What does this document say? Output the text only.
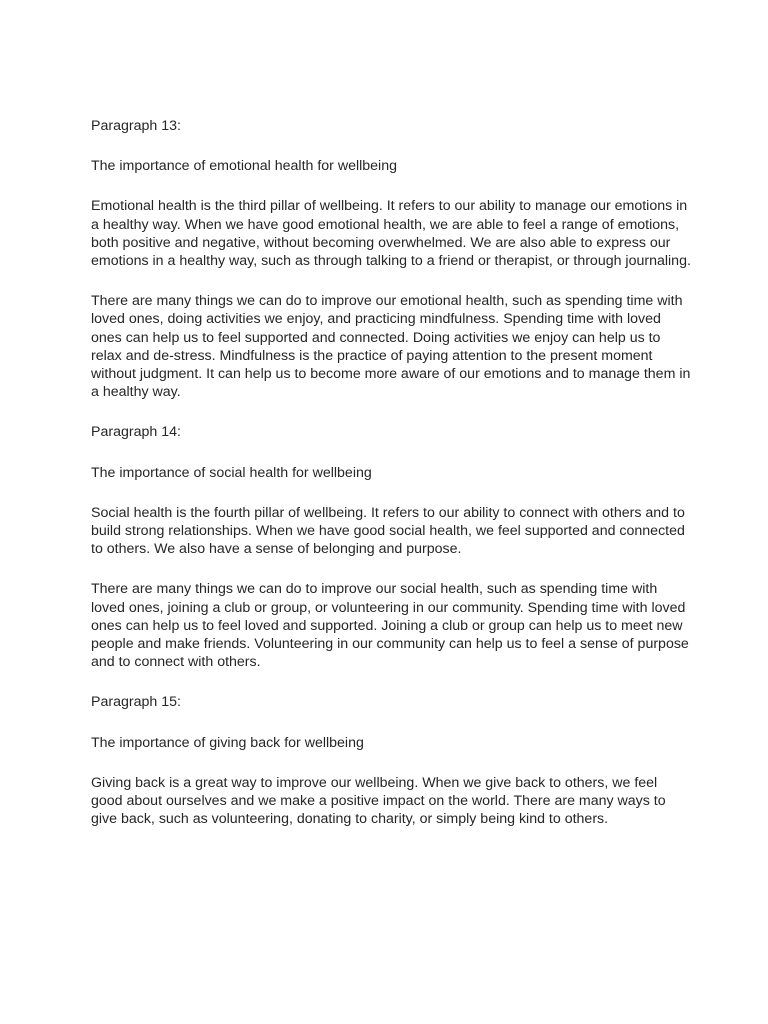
Paragraph 13:

The importance of emotional health for wellbeing

Emotional health is the third pillar of wellbeing. It refers to our ability to manage our emotions in a healthy way. When we have good emotional health, we are able to feel a range of emotions, both positive and negative, without becoming overwhelmed. We are also able to express our emotions in a healthy way, such as through talking to a friend or therapist, or through journaling.

There are many things we can do to improve our emotional health, such as spending time with loved ones, doing activities we enjoy, and practicing mindfulness. Spending time with loved ones can help us to feel supported and connected. Doing activities we enjoy can help us to relax and de-stress. Mindfulness is the practice of paying attention to the present moment without judgment. It can help us to become more aware of our emotions and to manage them in a healthy way.

Paragraph 14:

The importance of social health for wellbeing

Social health is the fourth pillar of wellbeing. It refers to our ability to connect with others and to build strong relationships. When we have good social health, we feel supported and connected to others. We also have a sense of belonging and purpose.

There are many things we can do to improve our social health, such as spending time with loved ones, joining a club or group, or volunteering in our community. Spending time with loved ones can help us to feel loved and supported. Joining a club or group can help us to meet new people and make friends. Volunteering in our community can help us to feel a sense of purpose and to connect with others.

Paragraph 15:

The importance of giving back for wellbeing

Giving back is a great way to improve our wellbeing. When we give back to others, we feel good about ourselves and we make a positive impact on the world. There are many ways to give back, such as volunteering, donating to charity, or simply being kind to others.
